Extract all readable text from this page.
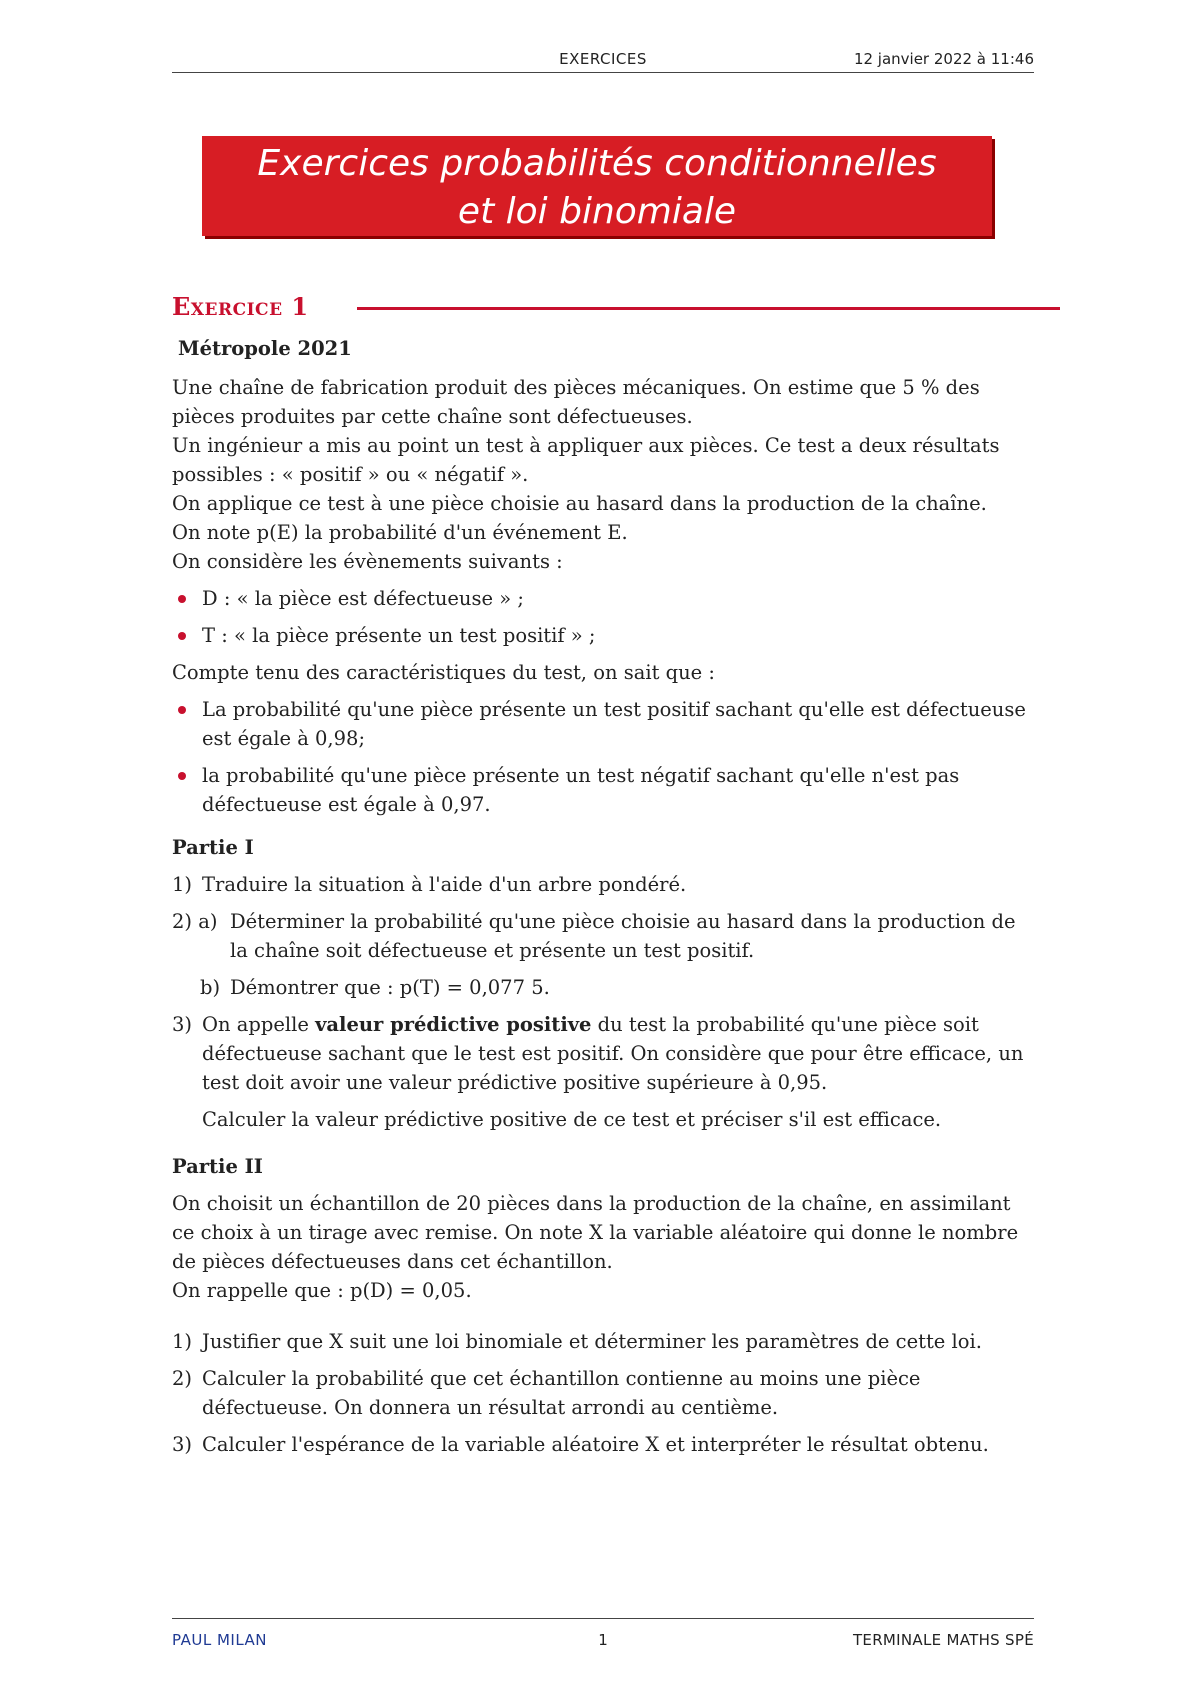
EXERCICES	12 janvier 2022 à 11:46
Exercices probabilités conditionnelles
et loi binomiale
Exercice 1

Métropole 2021

Une chaîne de fabrication produit des pièces mécaniques. On estime que 5 % des pièces produites par cette chaîne sont défectueuses.

Un ingénieur a mis au point un test à appliquer aux pièces. Ce test a deux résultats possibles : « positif » ou « négatif ».

On applique ce test à une pièce choisie au hasard dans la production de la chaîne.

On note p(E) la probabilité d'un événement E.

On considère les évènements suivants :

D : « la pièce est défectueuse » ;

T : « la pièce présente un test positif » ;

Compte tenu des caractéristiques du test, on sait que :

La probabilité qu'une pièce présente un test positif sachant qu'elle est défectueuse est égale à 0,98;

la probabilité qu'une pièce présente un test négatif sachant qu'elle n'est pas défectueuse est égale à 0,97.

Partie I

1) Traduire la situation à l'aide d'un arbre pondéré.

2) a) Déterminer la probabilité qu'une pièce choisie au hasard dans la production de la chaîne soit défectueuse et présente un test positif.

b) Démontrer que : p(T) = 0,077 5.

3) On appelle valeur prédictive positive du test la probabilité qu'une pièce soit défectueuse sachant que le test est positif. On considère que pour être efficace, un test doit avoir une valeur prédictive positive supérieure à 0,95.

Calculer la valeur prédictive positive de ce test et préciser s'il est efficace.

Partie II

On choisit un échantillon de 20 pièces dans la production de la chaîne, en assimilant ce choix à un tirage avec remise. On note X la variable aléatoire qui donne le nombre de pièces défectueuses dans cet échantillon.

On rappelle que : p(D) = 0,05.

1) Justifier que X suit une loi binomiale et déterminer les paramètres de cette loi.

2) Calculer la probabilité que cet échantillon contienne au moins une pièce défectueuse. On donnera un résultat arrondi au centième.

3) Calculer l'espérance de la variable aléatoire X et interpréter le résultat obtenu.

PAUL MILAN	1	TERMINALE MATHS SPÉ
